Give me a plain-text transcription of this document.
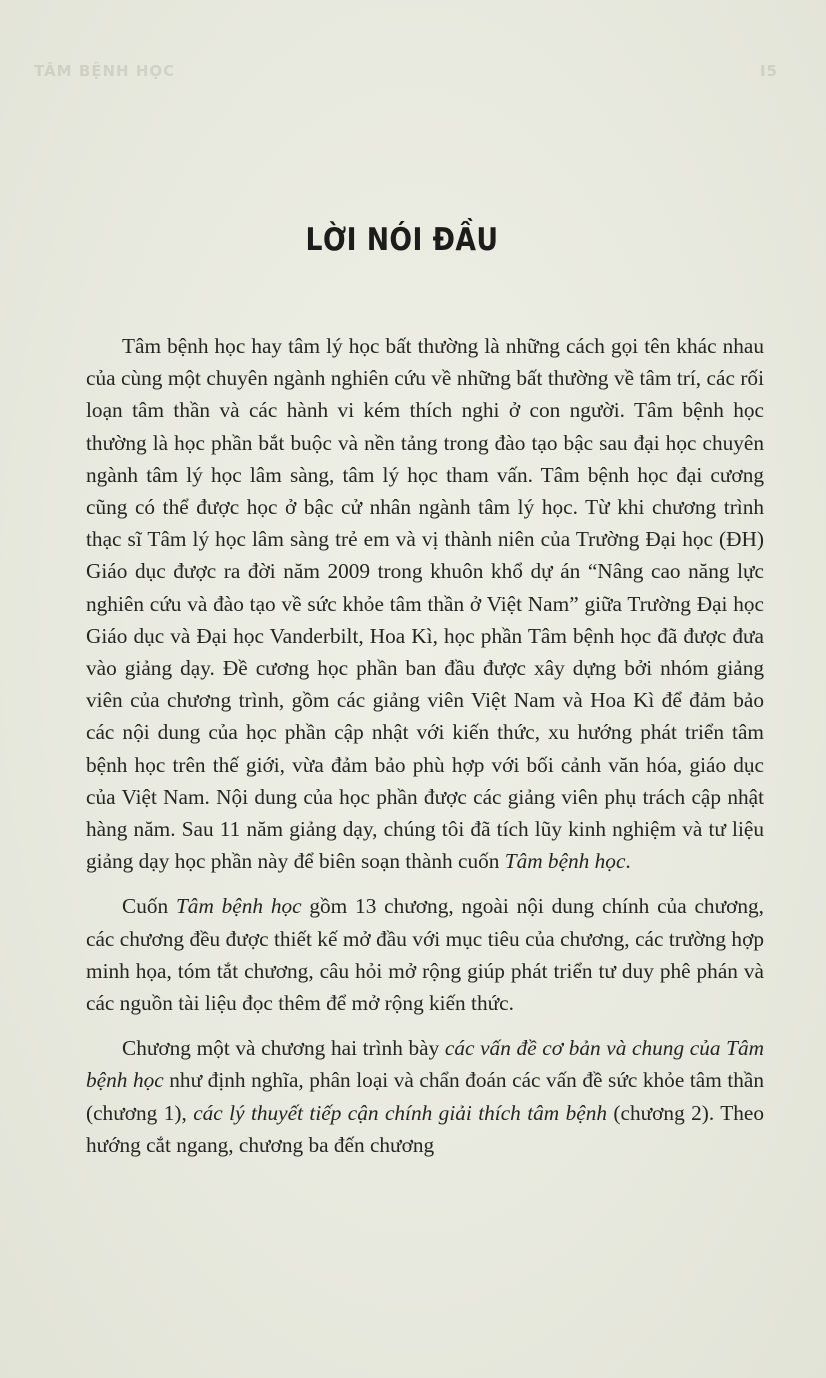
TÂM BỆNH HỌC	I5
LỜI NÓI ĐẦU

Tâm bệnh học hay tâm lý học bất thường là những cách gọi tên khác nhau của cùng một chuyên ngành nghiên cứu về những bất thường về tâm trí, các rối loạn tâm thần và các hành vi kém thích nghi ở con người. Tâm bệnh học thường là học phần bắt buộc và nền tảng trong đào tạo bậc sau đại học chuyên ngành tâm lý học lâm sàng, tâm lý học tham vấn. Tâm bệnh học đại cương cũng có thể được học ở bậc cử nhân ngành tâm lý học. Từ khi chương trình thạc sĩ Tâm lý học lâm sàng trẻ em và vị thành niên của Trường Đại học (ĐH) Giáo dục được ra đời năm 2009 trong khuôn khổ dự án “Nâng cao năng lực nghiên cứu và đào tạo về sức khỏe tâm thần ở Việt Nam” giữa Trường Đại học Giáo dục và Đại học Vanderbilt, Hoa Kì, học phần Tâm bệnh học đã được đưa vào giảng dạy. Đề cương học phần ban đầu được xây dựng bởi nhóm giảng viên của chương trình, gồm các giảng viên Việt Nam và Hoa Kì để đảm bảo các nội dung của học phần cập nhật với kiến thức, xu hướng phát triển tâm bệnh học trên thế giới, vừa đảm bảo phù hợp với bối cảnh văn hóa, giáo dục của Việt Nam. Nội dung của học phần được các giảng viên phụ trách cập nhật hàng năm. Sau 11 năm giảng dạy, chúng tôi đã tích lũy kinh nghiệm và tư liệu giảng dạy học phần này để biên soạn thành cuốn Tâm bệnh học.

Cuốn Tâm bệnh học gồm 13 chương, ngoài nội dung chính của chương, các chương đều được thiết kế mở đầu với mục tiêu của chương, các trường hợp minh họa, tóm tắt chương, câu hỏi mở rộng giúp phát triển tư duy phê phán và các nguồn tài liệu đọc thêm để mở rộng kiến thức.

Chương một và chương hai trình bày các vấn đề cơ bản và chung của Tâm bệnh học như định nghĩa, phân loại và chẩn đoán các vấn đề sức khỏe tâm thần (chương 1), các lý thuyết tiếp cận chính giải thích tâm bệnh (chương 2). Theo hướng cắt ngang, chương ba đến chương
